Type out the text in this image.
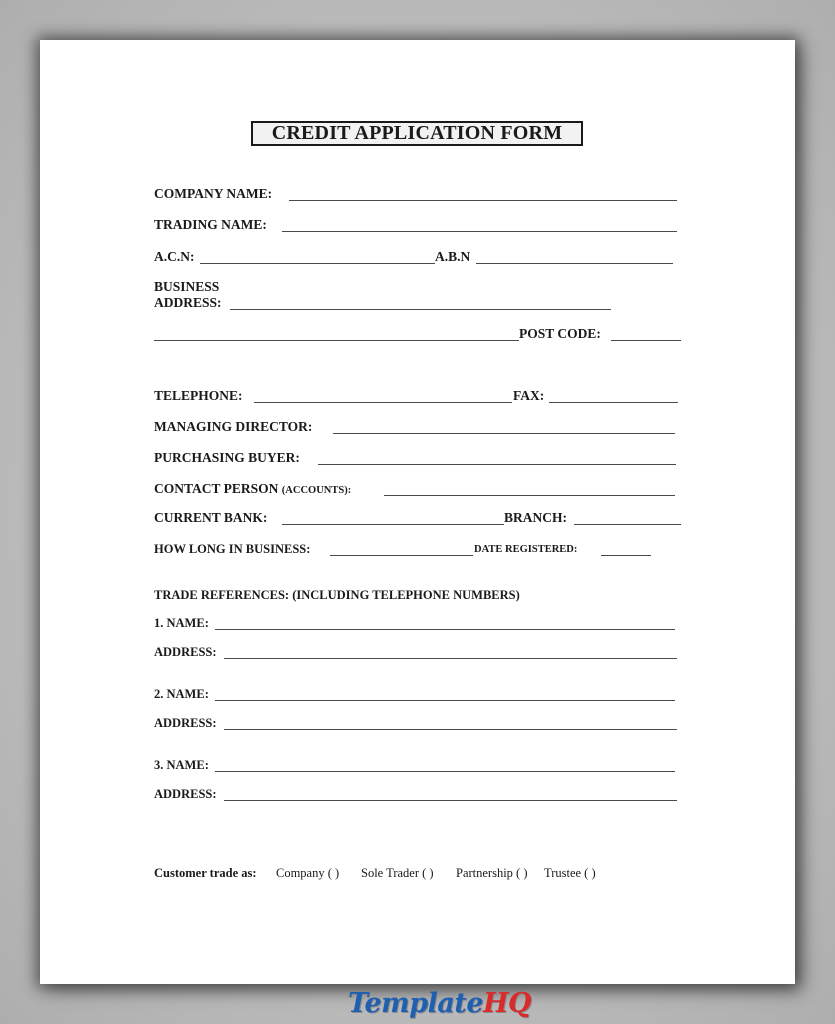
CREDIT APPLICATION FORM
COMPANY NAME:
TRADING NAME:
A.C.N:	A.B.N
BUSINESS
ADDRESS:
POST CODE:
TELEPHONE:	FAX:
MANAGING DIRECTOR:
PURCHASING BUYER:
CONTACT PERSON (ACCOUNTS):
CURRENT BANK:	BRANCH:
HOW LONG IN BUSINESS:	DATE REGISTERED:
TRADE REFERENCES: (INCLUDING TELEPHONE NUMBERS)
1. NAME:
ADDRESS:
2. NAME:
ADDRESS:
3. NAME:
ADDRESS:
Customer trade as: Company ( ) Sole Trader ( ) Partnership ( ) Trustee ( )
TemplateHQ
